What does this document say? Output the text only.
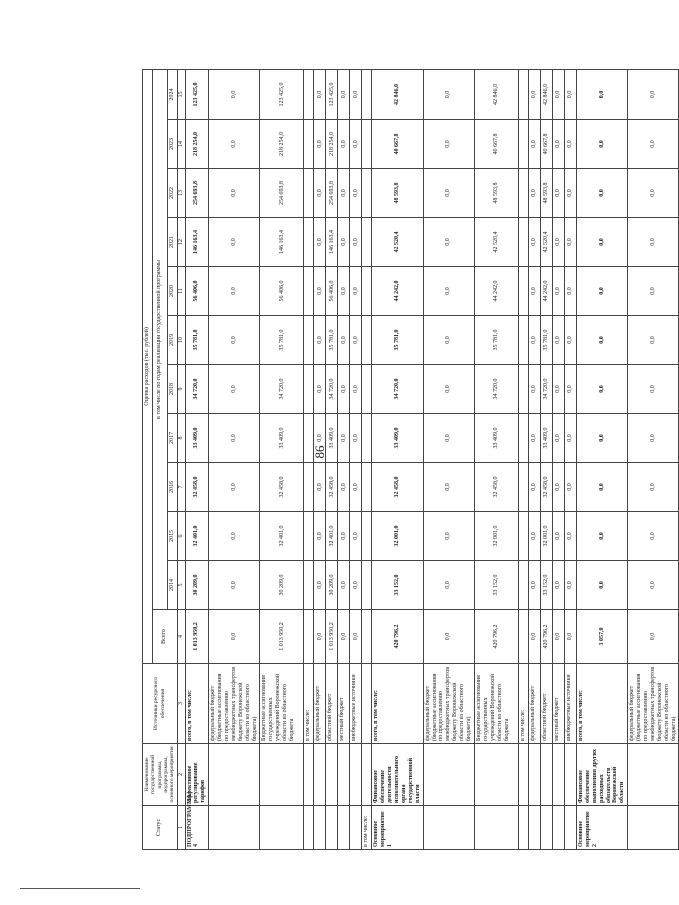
86
Статус	Наименование государственной программы, подпрограммы, основного мероприятия	Источники ресурсного обеспечения	Оценка расходов (тыс. рублей)											
			Всего	в том числе по годам реализации государственной программы										
				2014	2015	2016	2017	2018	2019	2020	2021	2022	2023	2024
1	2	3	4	5	6	7	8	9	10	11	12	13	14	15
ПОДПРОГРАММА 4	Эффективное регулирование тарифов	всего, в том числе:	1 013 950,2	30 209,0	32 401,0	32 458,0	33 409,0	34 720,0	35 781,0	56 406,0	146 163,4	254 693,8	218 254,0	123 425,0
		федеральный бюджет (бюджетные ассигнования по предоставлению межбюджетных трансфертов бюджету Воронежской области из областного бюджета)	0,0	0,0	0,0	0,0	0,0	0,0	0,0	0,0	0,0	0,0	0,0	0,0
		Бюджетные ассигнования государственных учреждений Воронежской области из областного бюджета	1 013 950,2	30 209,0	32 401,0	32 458,0	33 409,0	34 720,0	35 781,0	56 406,0	146 163,4	254 693,8	218 254,0	123 425,0
		в том числе:												
		федеральный бюджет	0,0	0,0	0,0	0,0	0,0	0,0	0,0	0,0	0,0	0,0	0,0	0,0
		областной бюджет	1 013 950,2	30 209,0	32 401,0	32 458,0	33 409,0	34 720,0	35 781,0	56 406,0	146 163,4	254 693,8	218 254,0	123 425,0
		местный бюджет	0,0	0,0	0,0	0,0	0,0	0,0	0,0	0,0	0,0	0,0	0,0	0,0
		внебюджетные источники	0,0	0,0	0,0	0,0	0,0	0,0	0,0	0,0	0,0	0,0	0,0	0,0
в том числе:														
Основное мероприятие 1	Финансовое обеспечение деятельности исполнительного органа государственной власти	всего, в том числе:	420 796,2	33 152,0	32 001,0	32 458,0	33 409,0	34 720,0	35 781,0	44 242,0	42 520,4	48 593,8	40 667,8	42 846,0
		федеральный бюджет (бюджетные ассигнования по предоставлению межбюджетных трансфертов бюджету Воронежской области из областного бюджета)	0,0	0,0	0,0	0,0	0,0	0,0	0,0	0,0	0,0	0,0	0,0	0,0
		Бюджетные ассигнования государственных учреждений Воронежской области из областного бюджета	420 796,2	33 152,0	32 001,0	32 458,0	33 409,0	34 720,0	35 781,0	44 242,0	42 520,4	48 593,8	40 667,8	42 846,0
		в том числе:												
		федеральный бюджет	0,0	0,0	0,0	0,0	0,0	0,0	0,0	0,0	0,0	0,0	0,0	0,0
		областной бюджет	420 796,2	33 152,0	32 001,0	32 458,0	33 409,0	34 720,0	35 781,0	44 242,0	42 520,4	48 593,8	40 667,8	42 846,0
		местный бюджет	0,0	0,0	0,0	0,0	0,0	0,0	0,0	0,0	0,0	0,0	0,0	0,0
		внебюджетные источники	0,0	0,0	0,0	0,0	0,0	0,0	0,0	0,0	0,0	0,0	0,0	0,0
Основное мероприятие 2	Финансовое обеспечение выполнения других расходных обязательств Воронежской области	всего, в том числе:	3 057,0	0,0	0,0	0,0	0,0	0,0	0,0	0,0	0,0	0,0	0,0	0,0
		федеральный бюджет (бюджетные ассигнования по предоставлению межбюджетных трансфертов бюджету Воронежской области из областного бюджета)	0,0	0,0	0,0	0,0	0,0	0,0	0,0	0,0	0,0	0,0	0,0	0,0
